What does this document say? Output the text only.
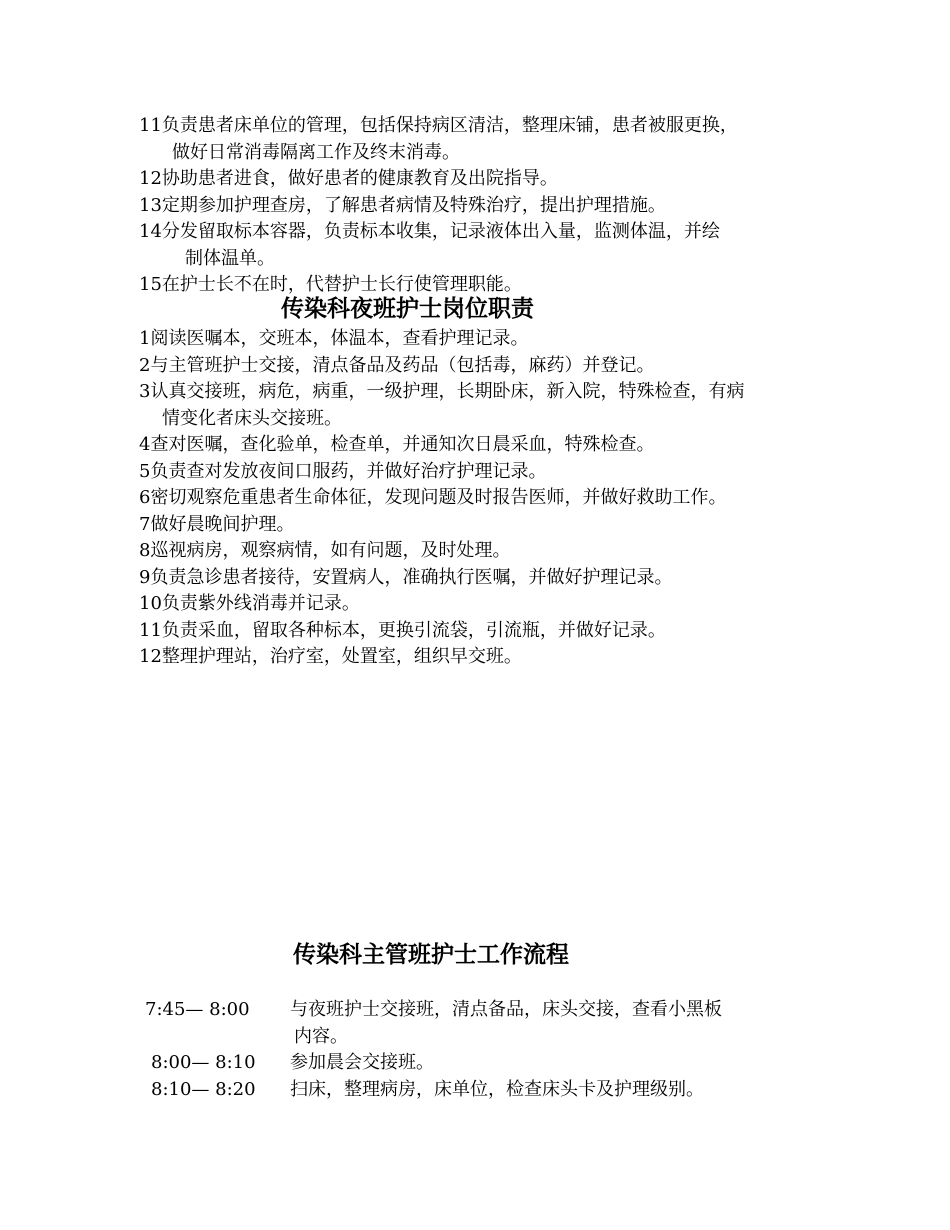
11负责患者床单位的管理，包括保持病区清洁，整理床铺，患者被服更换，
做好日常消毒隔离工作及终末消毒。

12协助患者进食，做好患者的健康教育及出院指导。

13定期参加护理查房，了解患者病情及特殊治疗，提出护理措施。

14分发留取标本容器，负责标本收集，记录液体出入量，监测体温，并绘
制体温单。

15在护士长不在时，代替护士长行使管理职能。

传染科夜班护士岗位职责

1阅读医嘱本，交班本，体温本，查看护理记录。

2与主管班护士交接，清点备品及药品（包括毒，麻药）并登记。

3认真交接班，病危，病重，一级护理，长期卧床，新入院，特殊检查，有病
情变化者床头交接班。

4查对医嘱，查化验单，检查单，并通知次日晨采血，特殊检查。

5负责查对发放夜间口服药，并做好治疗护理记录。

6密切观察危重患者生命体征，发现问题及时报告医师，并做好救助工作。

7做好晨晚间护理。

8巡视病房，观察病情，如有问题，及时处理。

9负责急诊患者接待，安置病人，准确执行医嘱，并做好护理记录。

10负责紫外线消毒并记录。

11负责采血，留取各种标本，更换引流袋，引流瓶，并做好记录。

12整理护理站，治疗室，处置室，组织早交班。

传染科主管班护士工作流程
7:45— 8:00	与夜班护士交接班，清点备品，床头交接，查看小黑板
内容。
8:00— 8:10	参加晨会交接班。
8:10— 8:20	扫床，整理病房，床单位，检查床头卡及护理级别。
